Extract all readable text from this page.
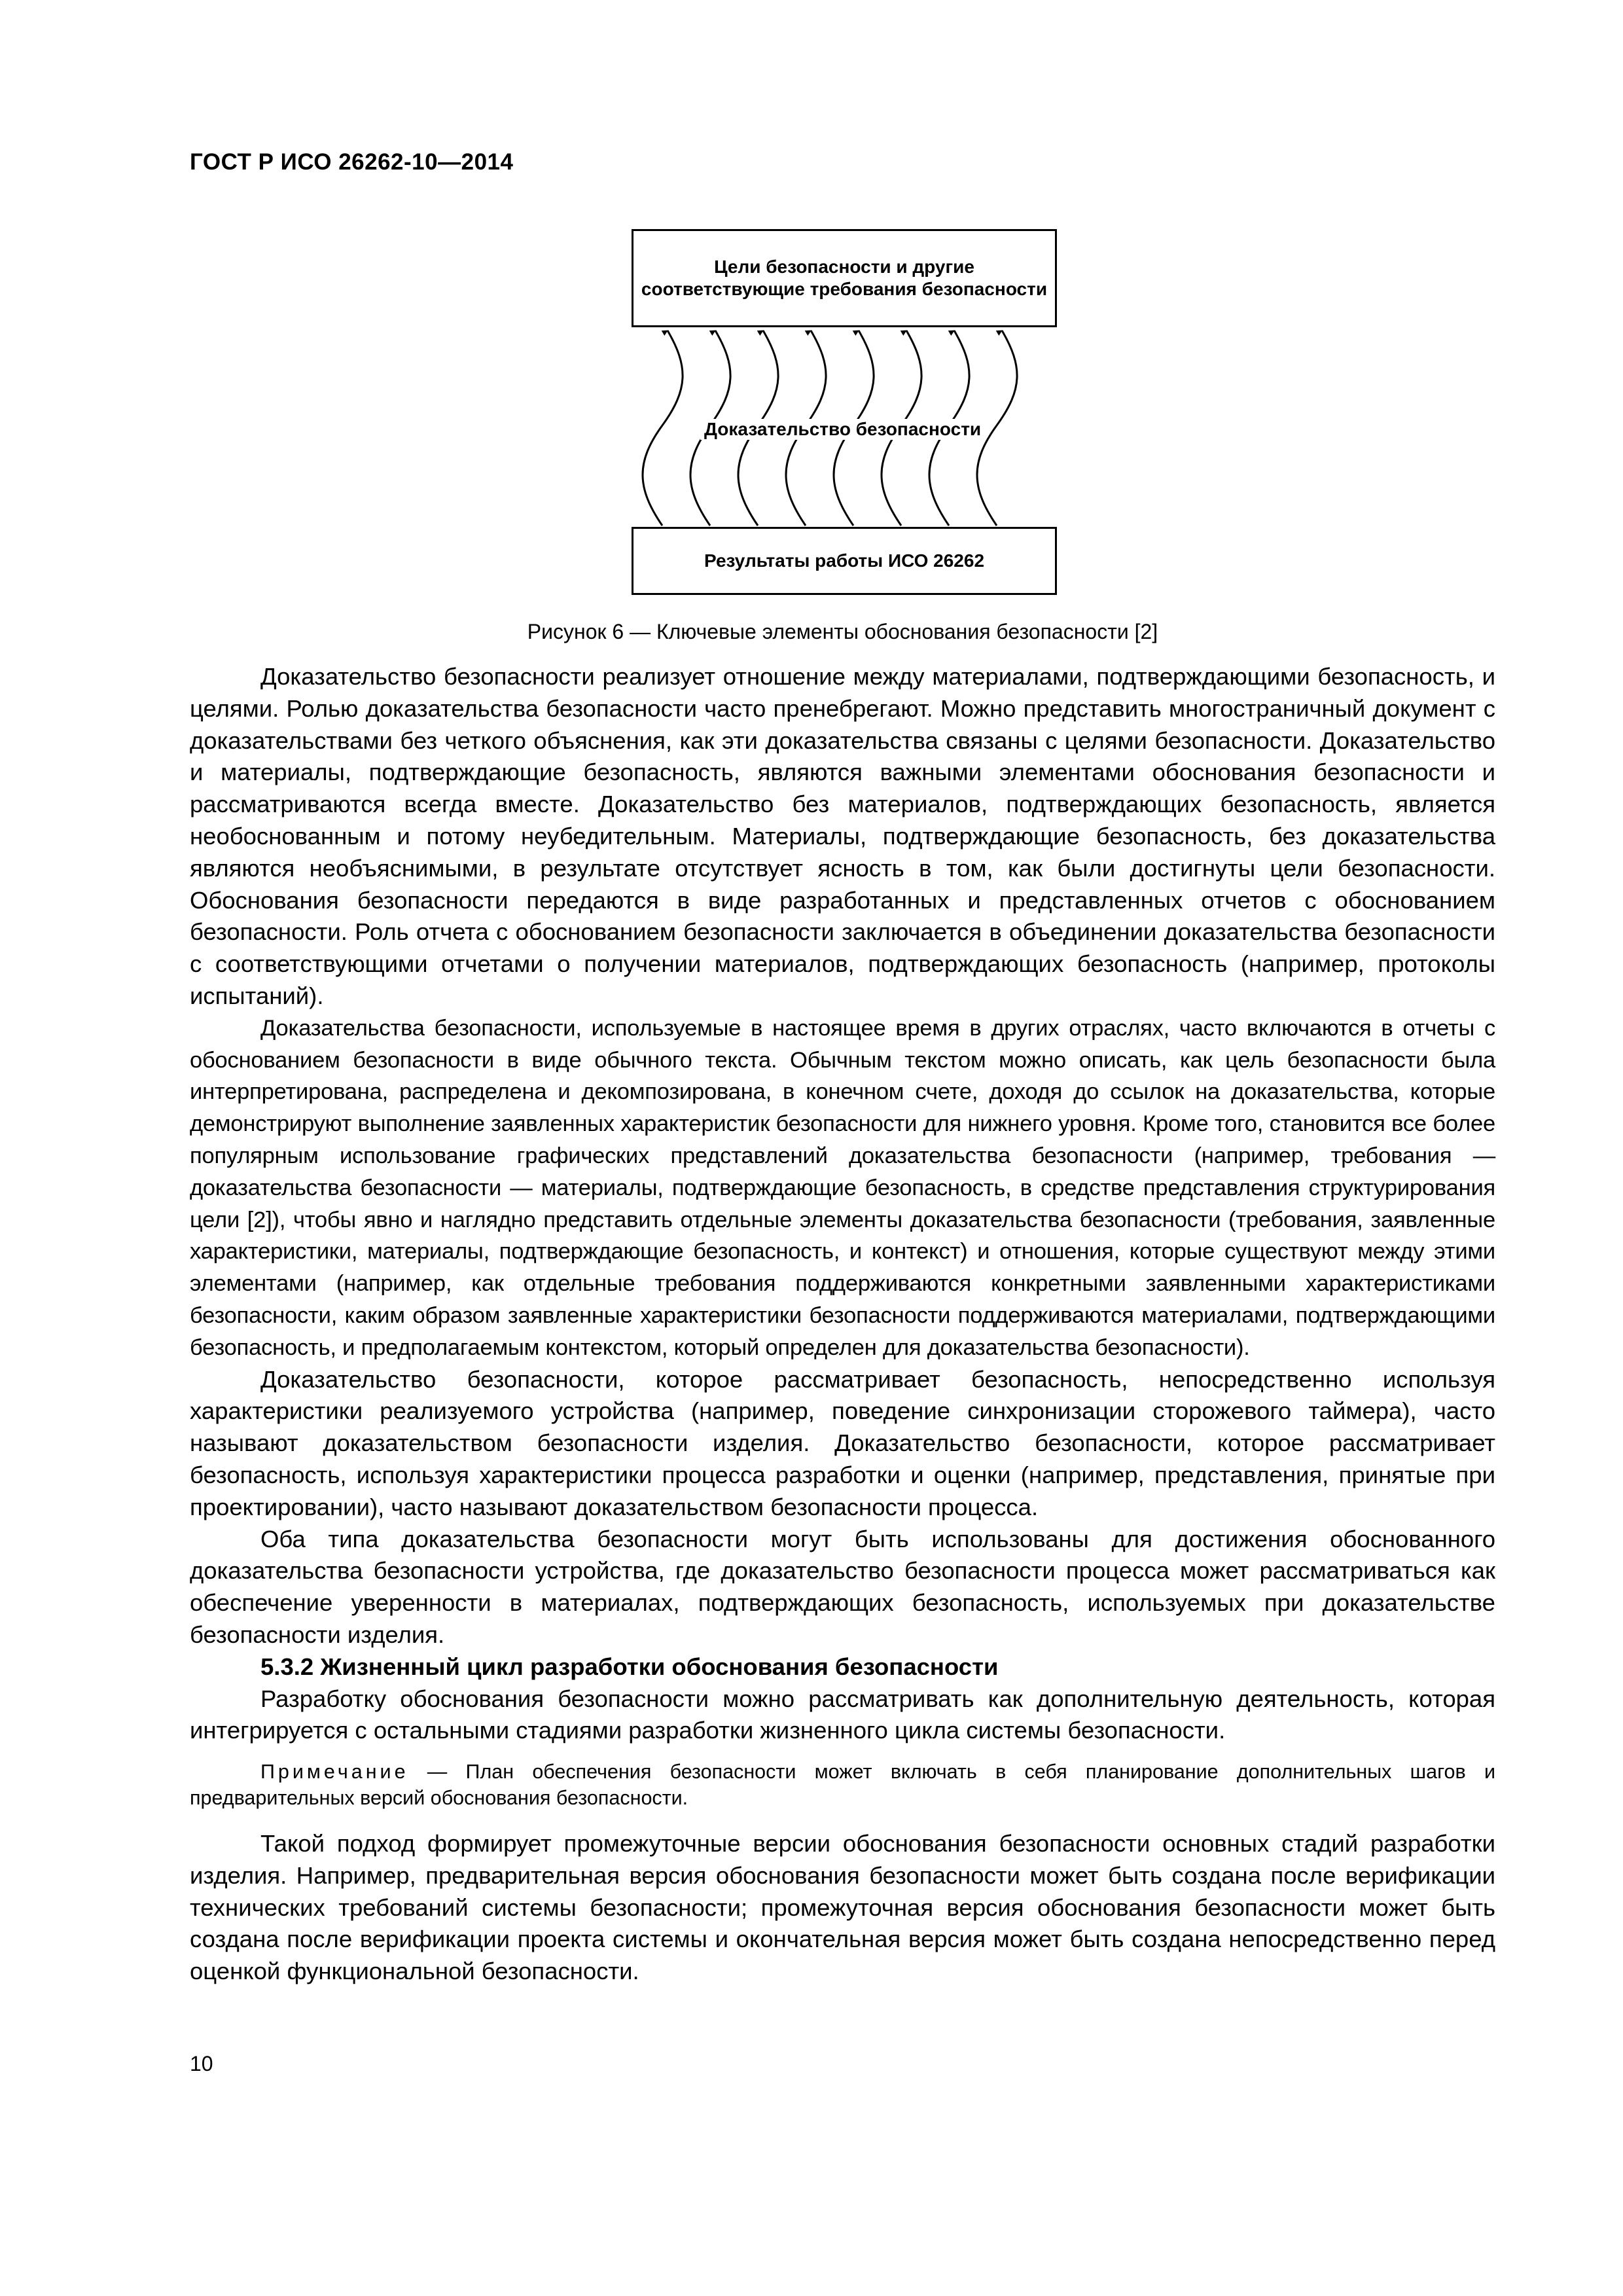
ГОСТ Р ИСО 26262-10—2014
Цели безопасности и другие соответствующие требования безопасности
Доказательство безопасности
Результаты работы ИСО 26262
Рисунок 6 — Ключевые элементы обоснования безопасности [2]

Доказательство безопасности реализует отношение между материалами, подтверждающими безопасность, и целями. Ролью доказательства безопасности часто пренебрегают. Можно представить многостраничный документ с доказательствами без четкого объяснения, как эти доказательства связаны с целями безопасности. Доказательство и материалы, подтверждающие безопасность, являются важными элементами обоснования безопасности и рассматриваются всегда вместе. Доказательство без материалов, подтверждающих безопасность, является необоснованным и потому неубедительным. Материалы, подтверждающие безопасность, без доказательства являются необъяснимыми, в результате отсутствует ясность в том, как были достигнуты цели безопасности. Обоснования безопасности передаются в виде разработанных и представленных отчетов с обоснованием безопасности. Роль отчета с обоснованием безопасности заключается в объединении доказательства безопасности с соответствующими отчетами о получении материалов, подтверждающих безопасность (например, протоколы испытаний).

Доказательства безопасности, используемые в настоящее время в других отраслях, часто включаются в отчеты с обоснованием безопасности в виде обычного текста. Обычным текстом можно описать, как цель безопасности была интерпретирована, распределена и декомпозирована, в конечном счете, доходя до ссылок на доказательства, которые демонстрируют выполнение заявленных характеристик безопасности для нижнего уровня. Кроме того, становится все более популярным использование графических представлений доказательства безопасности (например, требования — доказательства безопасности — материалы, подтверждающие безопасность, в средстве представления структурирования цели [2]), чтобы явно и наглядно представить отдельные элементы доказательства безопасности (требования, заявленные характеристики, материалы, подтверждающие безопасность, и контекст) и отношения, которые существуют между этими элементами (например, как отдельные требования поддерживаются конкретными заявленными характеристиками безопасности, каким образом заявленные характеристики безопасности поддерживаются материалами, подтверждающими безопасность, и предполагаемым контекстом, который определен для доказательства безопасности).

Доказательство безопасности, которое рассматривает безопасность, непосредственно используя характеристики реализуемого устройства (например, поведение синхронизации сторожевого таймера), часто называют доказательством безопасности изделия. Доказательство безопасности, которое рассматривает безопасность, используя характеристики процесса разработки и оценки (например, представления, принятые при проектировании), часто называют доказательством безопасности процесса.

Оба типа доказательства безопасности могут быть использованы для достижения обоснованного доказательства безопасности устройства, где доказательство безопасности процесса может рассматриваться как обеспечение уверенности в материалах, подтверждающих безопасность, используемых при доказательстве безопасности изделия.

5.3.2 Жизненный цикл разработки обоснования безопасности

Разработку обоснования безопасности можно рассматривать как дополнительную деятельность, которая интегрируется с остальными стадиями разработки жизненного цикла системы безопасности.

Примечание — План обеспечения безопасности может включать в себя планирование дополнительных шагов и предварительных версий обоснования безопасности.

Такой подход формирует промежуточные версии обоснования безопасности основных стадий разработки изделия. Например, предварительная версия обоснования безопасности может быть создана после верификации технических требований системы безопасности; промежуточная версия обоснования безопасности может быть создана после верификации проекта системы и окончательная версия может быть создана непосредственно перед оценкой функциональной безопасности.

10
